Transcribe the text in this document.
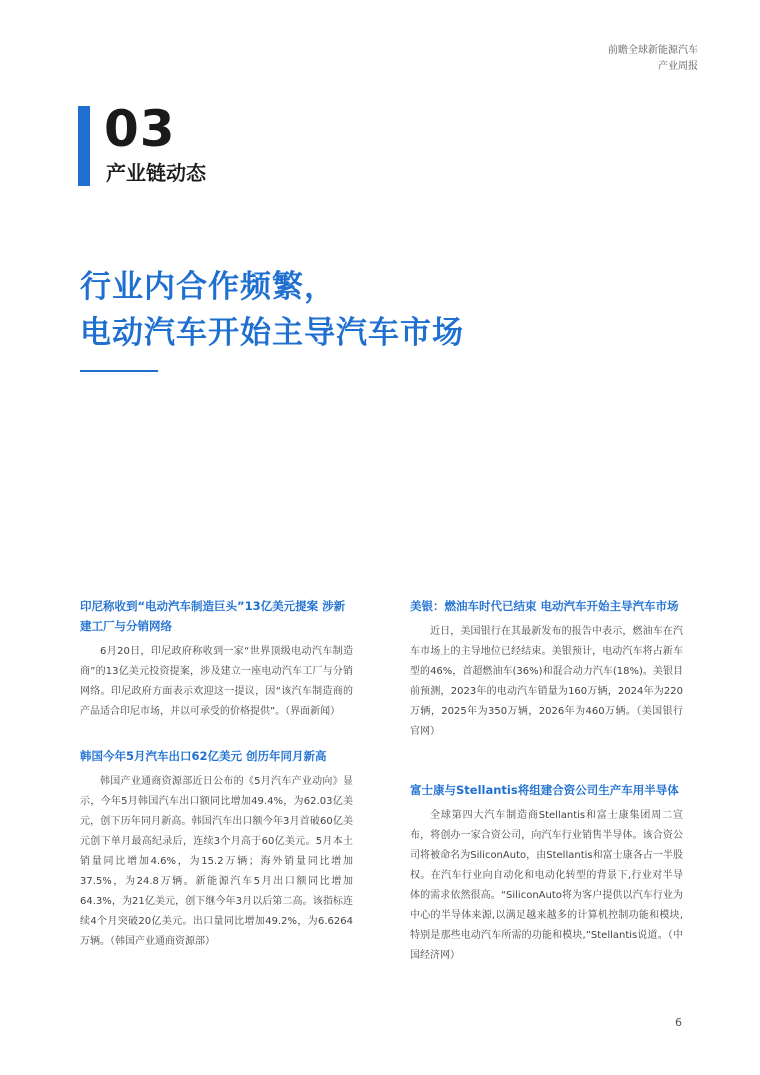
前瞻全球新能源汽车
产业周报
03
产业链动态
行业内合作频繁，
电动汽车开始主导汽车市场
印尼称收到“电动汽车制造巨头”13亿美元提案 涉新建工厂与分销网络

6月20日，印尼政府称收到一家“世界顶级电动汽车制造商”的13亿美元投资提案，涉及建立一座电动汽车工厂与分销网络。印尼政府方面表示欢迎这一提议，因“该汽车制造商的产品适合印尼市场，并以可承受的价格提供”。（界面新闻）

韩国今年5月汽车出口62亿美元 创历年同月新高

韩国产业通商资源部近日公布的《5月汽车产业动向》显示，今年5月韩国汽车出口额同比增加49.4%，为62.03亿美元，创下历年同月新高。韩国汽车出口额今年3月首破60亿美元创下单月最高纪录后，连续3个月高于60亿美元。5月本土销量同比增加4.6%，为15.2万辆；海外销量同比增加37.5%，为24.8万辆。新能源汽车5月出口额同比增加64.3%，为21亿美元，创下继今年3月以后第二高。该指标连续4个月突破20亿美元。出口量同比增加49.2%，为6.6264万辆。（韩国产业通商资源部）

美银：燃油车时代已结束 电动汽车开始主导汽车市场

近日，美国银行在其最新发布的报告中表示，燃油车在汽车市场上的主导地位已经结束。美银预计，电动汽车将占新车型的46%，首超燃油车(36%)和混合动力汽车(18%)。美银目前预测，2023年的电动汽车销量为160万辆，2024年为220万辆，2025年为350万辆，2026年为460万辆。（美国银行官网）

富士康与Stellantis将组建合资公司生产车用半导体

全球第四大汽车制造商Stellantis和富士康集团周二宣布，将创办一家合资公司，向汽车行业销售半导体。该合资公司将被命名为SiliconAuto，由Stellantis和富士康各占一半股权。在汽车行业向自动化和电动化转型的背景下,行业对半导体的需求依然很高。“SiliconAuto将为客户提供以汽车行业为中心的半导体来源,以满足越来越多的计算机控制功能和模块,特别是那些电动汽车所需的功能和模块,”Stellantis说道。（中国经济网）

6
